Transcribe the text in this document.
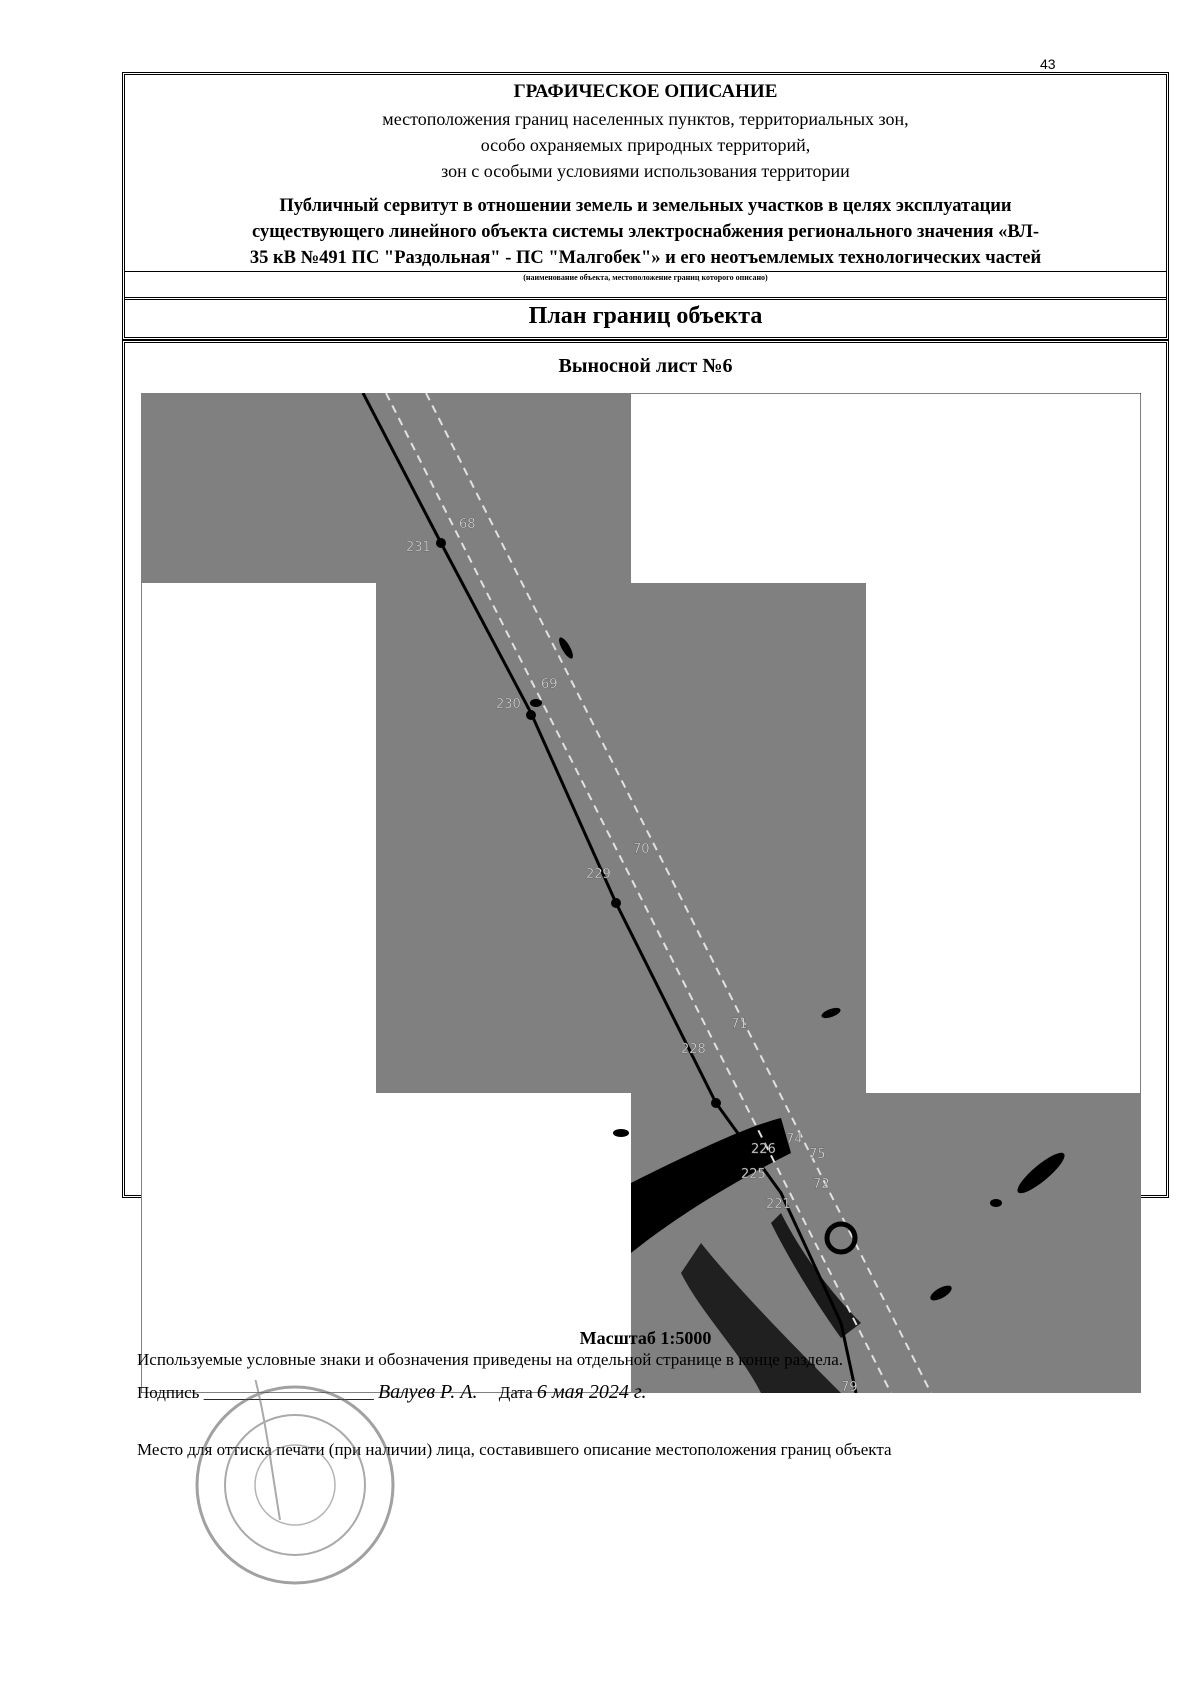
43
ГРАФИЧЕСКОЕ ОПИСАНИЕ
местоположения границ населенных пунктов, территориальных зон,
особо охраняемых природных территорий,
зон с особыми условиями использования территории
Публичный сервитут в отношении земель и земельных участков в целях эксплуатации
существующего линейного объекта системы электроснабжения регионального значения «ВЛ-
35 кВ №491 ПС "Раздольная" - ПС "Малгобек"» и его неотъемлемых технологических частей
(наименование объекта, местоположение границ которого описано)
План границ объекта
Выносной лист №6
231
68
230
69
229
70
228
71
226
225
74
75
72
221
79
Масштаб 1:5000
Используемые условные знаки и обозначения приведены на отдельной странице в конце раздела.
Подпись ____________________ Валуев Р. А. Дата 6 мая 2024 г.
Место для оттиска печати (при наличии) лица, составившего описание местоположения границ объекта
